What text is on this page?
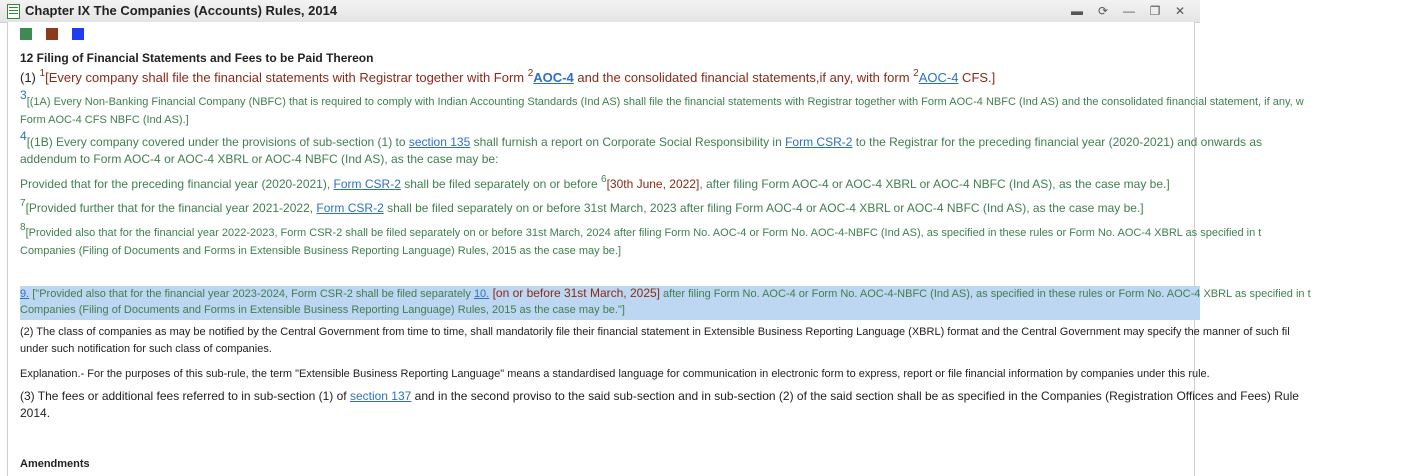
Chapter IX The Companies (Accounts) Rules, 2014	▬	⟳	—	❐	✕
12 Filing of Financial Statements and Fees to be Paid Thereon
(1) $^1$[Every company shall file the financial statements with Registrar together with Form $^2$AOC-4 and the consolidated financial statements,if any, with form $^2$AOC-4 CFS.]
$^3$[(1A) Every Non-Banking Financial Company (NBFC) that is required to comply with Indian Accounting Standards (Ind AS) shall file the financial statements with Registrar together with Form AOC-4 NBFC (Ind AS) and the consolidated financial statement, if any, w
Form AOC-4 CFS NBFC (Ind AS).]
$^4$[(1B) Every company covered under the provisions of sub-section (1) to section 135 shall furnish a report on Corporate Social Responsibility in Form CSR-2 to the Registrar for the preceding financial year (2020-2021) and onwards as
addendum to Form AOC-4 or AOC-4 XBRL or AOC-4 NBFC (Ind AS), as the case may be:
Provided that for the preceding financial year (2020-2021), Form CSR-2 shall be filed separately on or before $^6$[30th June, 2022], after filing Form AOC-4 or AOC-4 XBRL or AOC-4 NBFC (Ind AS), as the case may be.]
$^7$[Provided further that for the financial year 2021-2022, Form CSR-2 shall be filed separately on or before 31st March, 2023 after filing Form AOC-4 or AOC-4 XBRL or AOC-4 NBFC (Ind AS), as the case may be.]
$^8$[Provided also that for the financial year 2022-2023, Form CSR-2 shall be filed separately on or before 31st March, 2024 after filing Form No. AOC-4 or Form No. AOC-4-NBFC (Ind AS), as specified in these rules or Form No. AOC-4 XBRL as specified in t
Companies (Filing of Documents and Forms in Extensible Business Reporting Language) Rules, 2015 as the case may be.]
9. ["Provided also that for the financial year 2023-2024, Form CSR-2 shall be filed separately 10. [on or before 31st March, 2025] after filing Form No. AOC-4 or Form No. AOC-4-NBFC (Ind AS), as specified in these rules or Form No. AOC-4 XBRL as specified in t
Companies (Filing of Documents and Forms in Extensible Business Reporting Language) Rules, 2015 as the case may be."]
(2) The class of companies as may be notified by the Central Government from time to time, shall mandatorily file their financial statement in Extensible Business Reporting Language (XBRL) format and the Central Government may specify the manner of such fil
under such notification for such class of companies.
Explanation.- For the purposes of this sub-rule, the term "Extensible Business Reporting Language" means a standardised language for communication in electronic form to express, report or file financial information by companies under this rule.
(3) The fees or additional fees referred to in sub-section (1) of section 137 and in the second proviso to the said sub-section and in sub-section (2) of the said section shall be as specified in the Companies (Registration Offices and Fees) Rule
2014.
Amendments
